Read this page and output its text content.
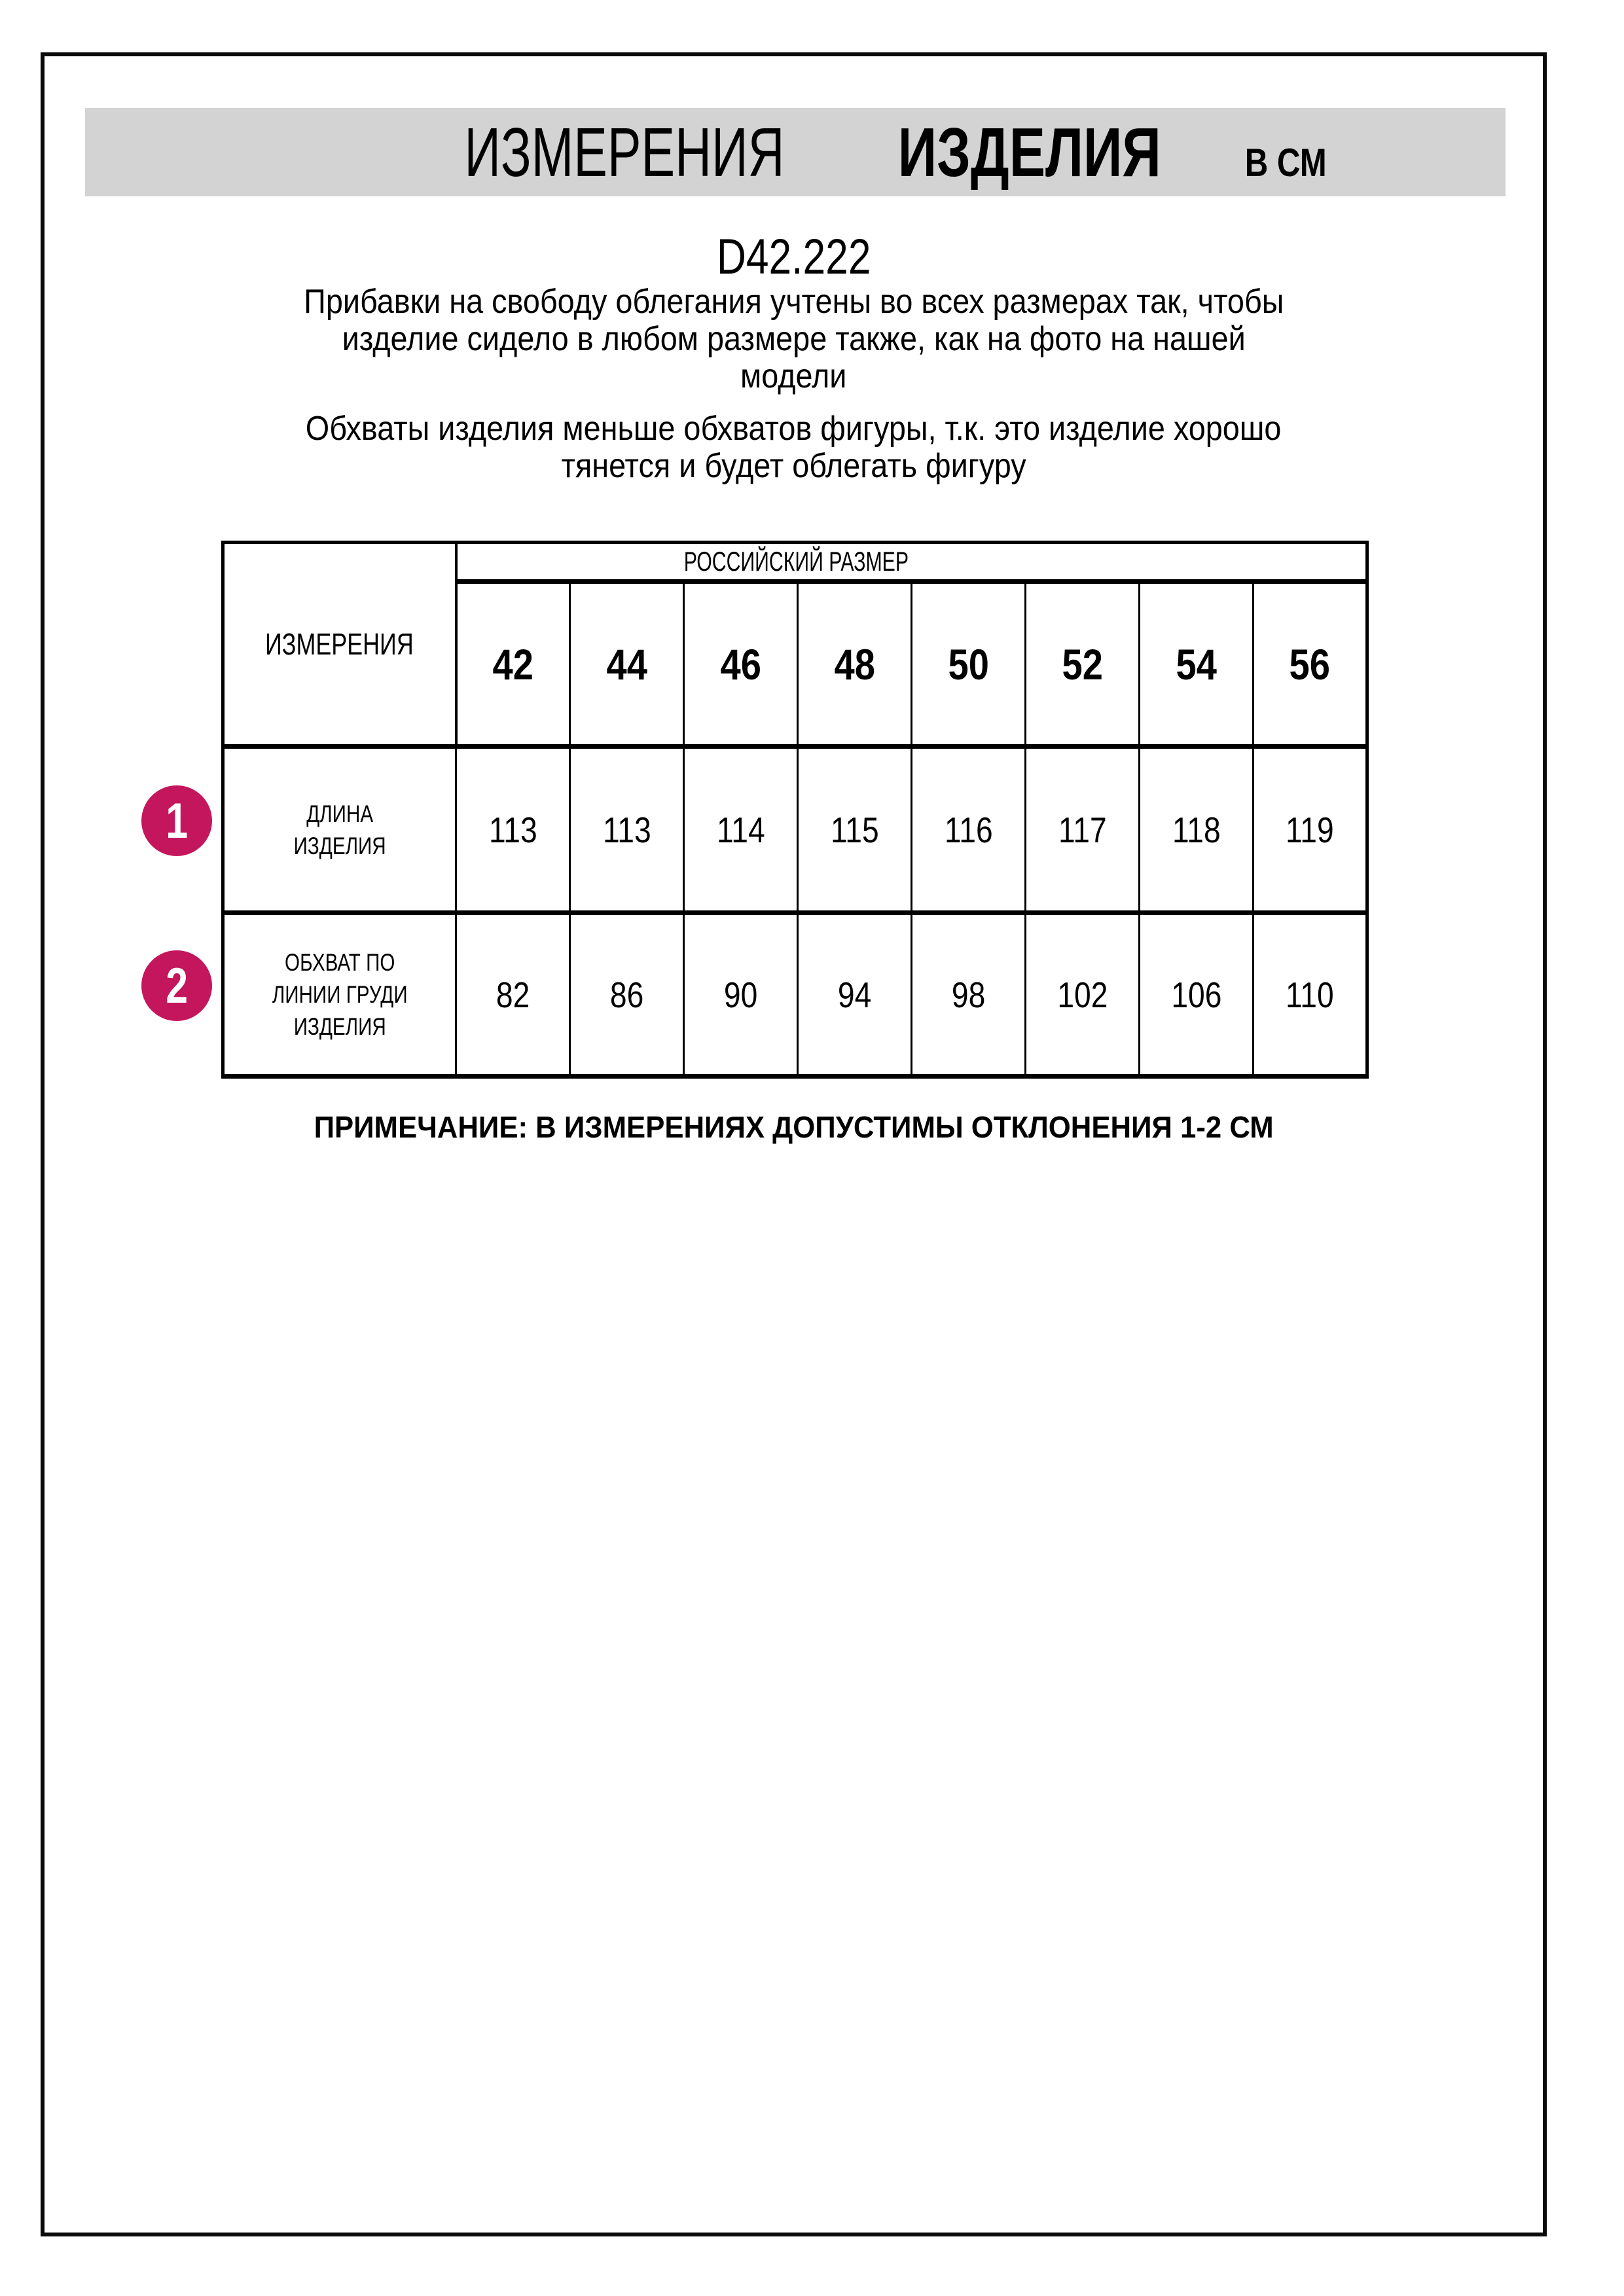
ИЗМЕРЕНИЯ ИЗДЕЛИЯ В СМ
D42.222
Прибавки на свободу облегания учтены во всех размерах так, чтобы
изделие сидело в любом размере также, как на фото на нашей
модели
Обхваты изделия меньше обхватов фигуры, т.к. это изделие хорошо
тянется и будет облегать фигуру
ИЗМЕРЕНИЯ	РОССИЙСКИЙ РАЗМЕР							
	42	44	46	48	50	52	54	56
ДЛИНА
ИЗДЕЛИЯ	113	113	114	115	116	117	118	119
ОБХВАТ ПО
ЛИНИИ ГРУДИ
ИЗДЕЛИЯ	82	86	90	94	98	102	106	110
1
2
ПРИМЕЧАНИЕ: В ИЗМЕРЕНИЯХ ДОПУСТИМЫ ОТКЛОНЕНИЯ 1-2 СМ
